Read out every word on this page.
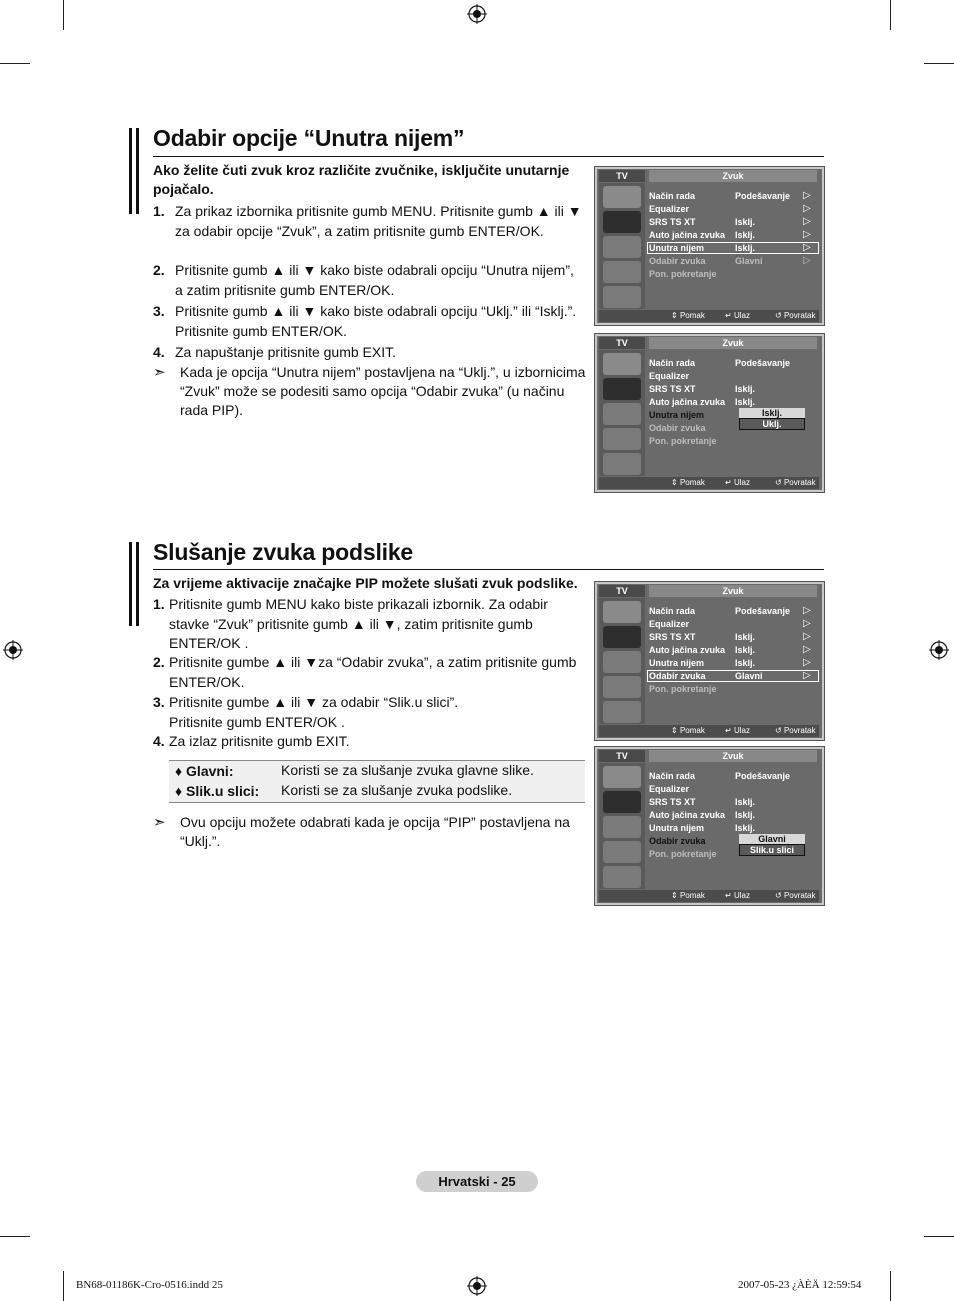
Odabir opcije “Unutra nijem”
Ako želite čuti zvuk kroz različite zvučnike, isključite unutarnje pojačalo.
1. Za prikaz izbornika pritisnite gumb MENU. Pritisnite gumb ▲ ili ▼ za odabir opcije “Zvuk”, a zatim pritisnite gumb ENTER/OK.
2. Pritisnite gumb ▲ ili ▼ kako biste odabrali opciju “Unutra nijem”, a zatim pritisnite gumb ENTER/OK.
3. Pritisnite gumb ▲ ili ▼ kako biste odabrali opciju “Uklj.” ili “Isklj.”. Pritisnite gumb ENTER/OK.
4. Za napuštanje pritisnite gumb EXIT.
➣ Kada je opcija “Unutra nijem” postavljena na “Uklj.”, u izbornicima “Zvuk” može se podesiti samo opcija “Odabir zvuka” (u načinu rada PIP).
Slušanje zvuka podslike
Za vrijeme aktivacije značajke PIP možete slušati zvuk podslike.
1. Pritisnite gumb MENU kako biste prikazali izbornik. Za odabir stavke “Zvuk” pritisnite gumb ▲ ili ▼, zatim pritisnite gumb ENTER/OK .
2. Pritisnite gumbe ▲ ili ▼za “Odabir zvuka”, a zatim pritisnite gumb ENTER/OK.
3. Pritisnite gumbe ▲ ili ▼ za odabir “Slik.u slici”. Pritisnite gumb ENTER/OK .
4. Za izlaz pritisnite gumb EXIT.
♦ Glavni:	Koristi se za slušanje zvuka glavne slike.
♦ Slik.u slici: Koristi se za slušanje zvuka podslike.
➣ Ovu opciju možete odabrati kada je opcija “PIP” postavljena na “Uklj.”.
TV	Zvuk
Način rada	Podešavanje ▷
Equalizer	▷
SRS TS XT	Isklj.	▷
Auto jačina zvuka Isklj.	▷
Unutra nijem	Isklj.	▷
Odabir zvuka	Glavni	▷
Pon. pokretanje
⇕ Pomak	↵ Ulaz	↺ Povratak
TV	Zvuk
Način rada	Podešavanje
Equalizer
SRS TS XT	Isklj.
Auto jačina zvuka Isklj.
Unutra nijem
Odabir zvuka
Pon. pokretanje
Isklj.
Uklj.
⇕ Pomak	↵ Ulaz	↺ Povratak
TV	Zvuk
Način rada	Podešavanje ▷
Equalizer	▷
SRS TS XT	Isklj.	▷
Auto jačina zvuka Isklj.	▷
Unutra nijem	Isklj.	▷
Odabir zvuka	Glavni	▷
Pon. pokretanje
⇕ Pomak	↵ Ulaz	↺ Povratak
TV	Zvuk
Način rada	Podešavanje
Equalizer
SRS TS XT	Isklj.
Auto jačina zvuka Isklj.
Unutra nijem	Isklj.
Odabir zvuka
Pon. pokretanje
Glavni
Slik.u slici
⇕ Pomak	↵ Ulaz	↺ Povratak
Hrvatski - 25
BN68-01186K-Cro-0516.indd 25	2007-05-23 ¿ÀÈÄ 12:59:54
